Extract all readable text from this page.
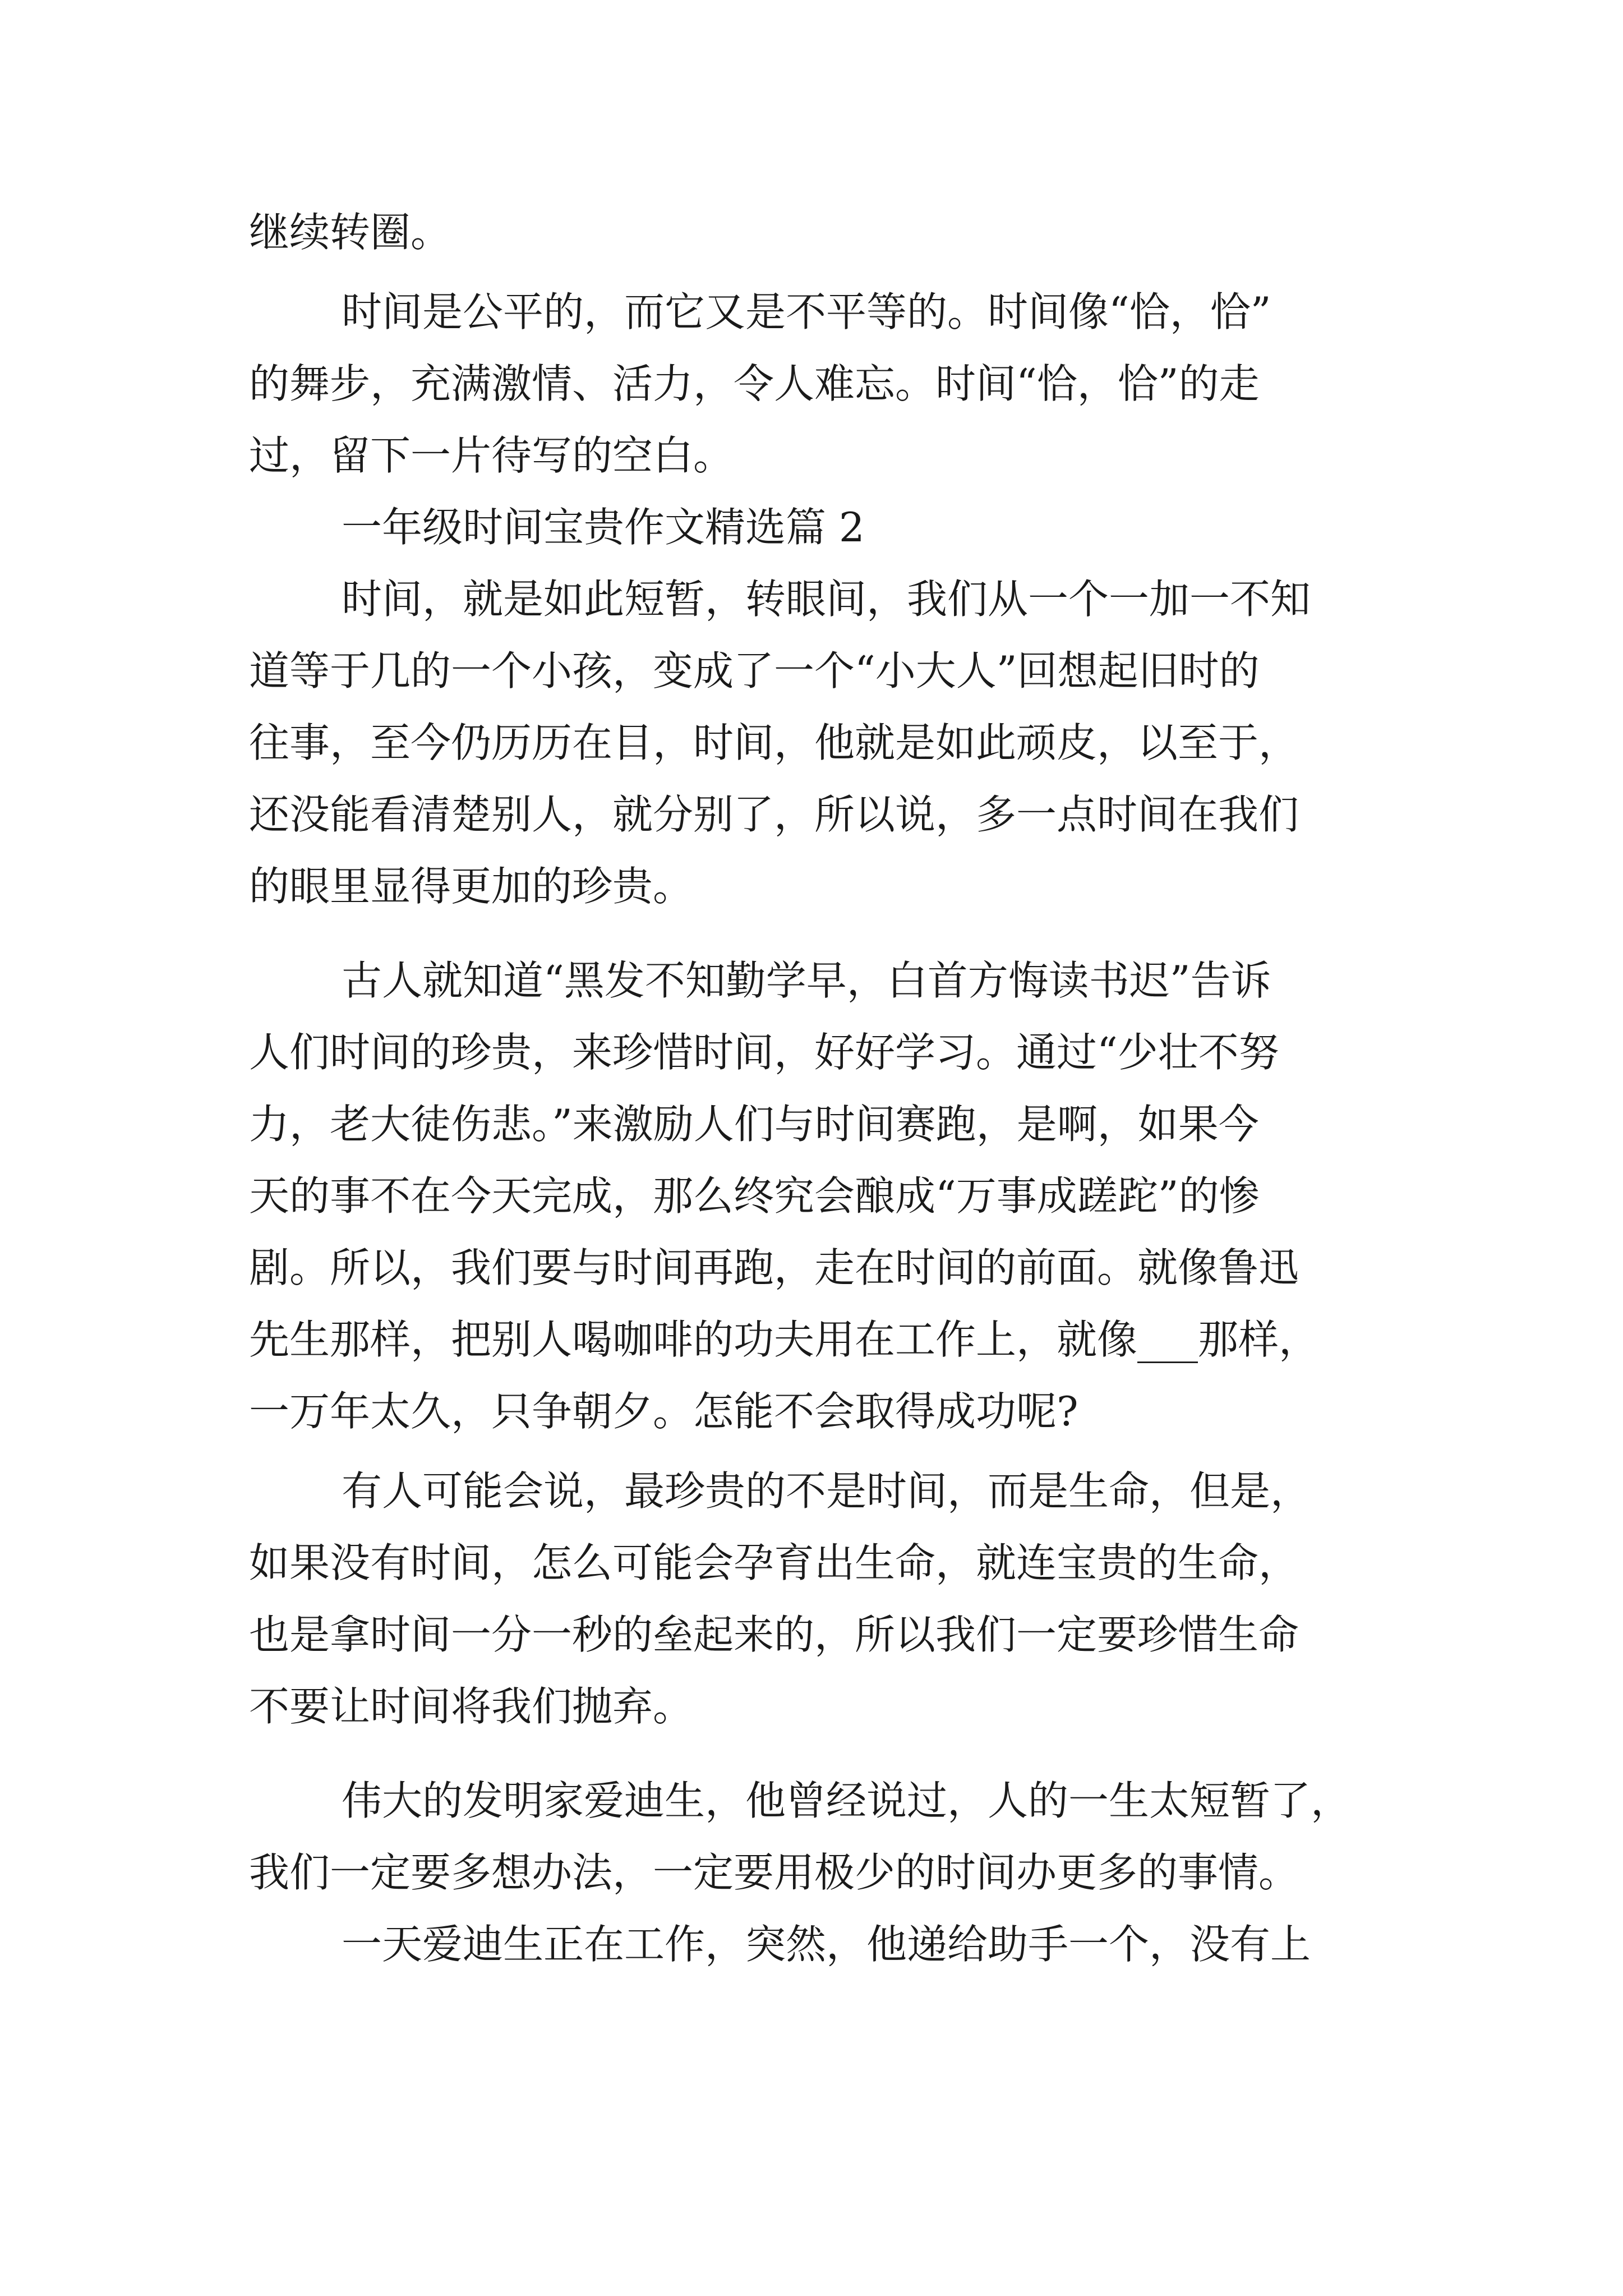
继续转圈。
时间是公平的，而它又是不平等的。时间像“恰，恰”
的舞步，充满激情、活力，令人难忘。时间“恰，恰”的走
过，留下一片待写的空白。
一年级时间宝贵作文精选篇 2
时间，就是如此短暂，转眼间，我们从一个一加一不知
道等于几的一个小孩，变成了一个“小大人”回想起旧时的
往事，至今仍历历在目，时间，他就是如此顽皮，以至于，
还没能看清楚别人，就分别了，所以说，多一点时间在我们
的眼里显得更加的珍贵。
古人就知道“黑发不知勤学早，白首方悔读书迟”告诉
人们时间的珍贵，来珍惜时间，好好学习。通过“少壮不努
力，老大徒伤悲。”来激励人们与时间赛跑，是啊，如果今
天的事不在今天完成，那么终究会酿成“万事成蹉跎”的惨
剧。所以，我们要与时间再跑，走在时间的前面。就像鲁迅
先生那样，把别人喝咖啡的功夫用在工作上，就像___那样，
一万年太久，只争朝夕。怎能不会取得成功呢?
有人可能会说，最珍贵的不是时间，而是生命，但是，
如果没有时间，怎么可能会孕育出生命，就连宝贵的生命，
也是拿时间一分一秒的垒起来的，所以我们一定要珍惜生命
不要让时间将我们抛弃。
伟大的发明家爱迪生，他曾经说过，人的一生太短暂了，
我们一定要多想办法，一定要用极少的时间办更多的事情。
一天爱迪生正在工作，突然，他递给助手一个，没有上
